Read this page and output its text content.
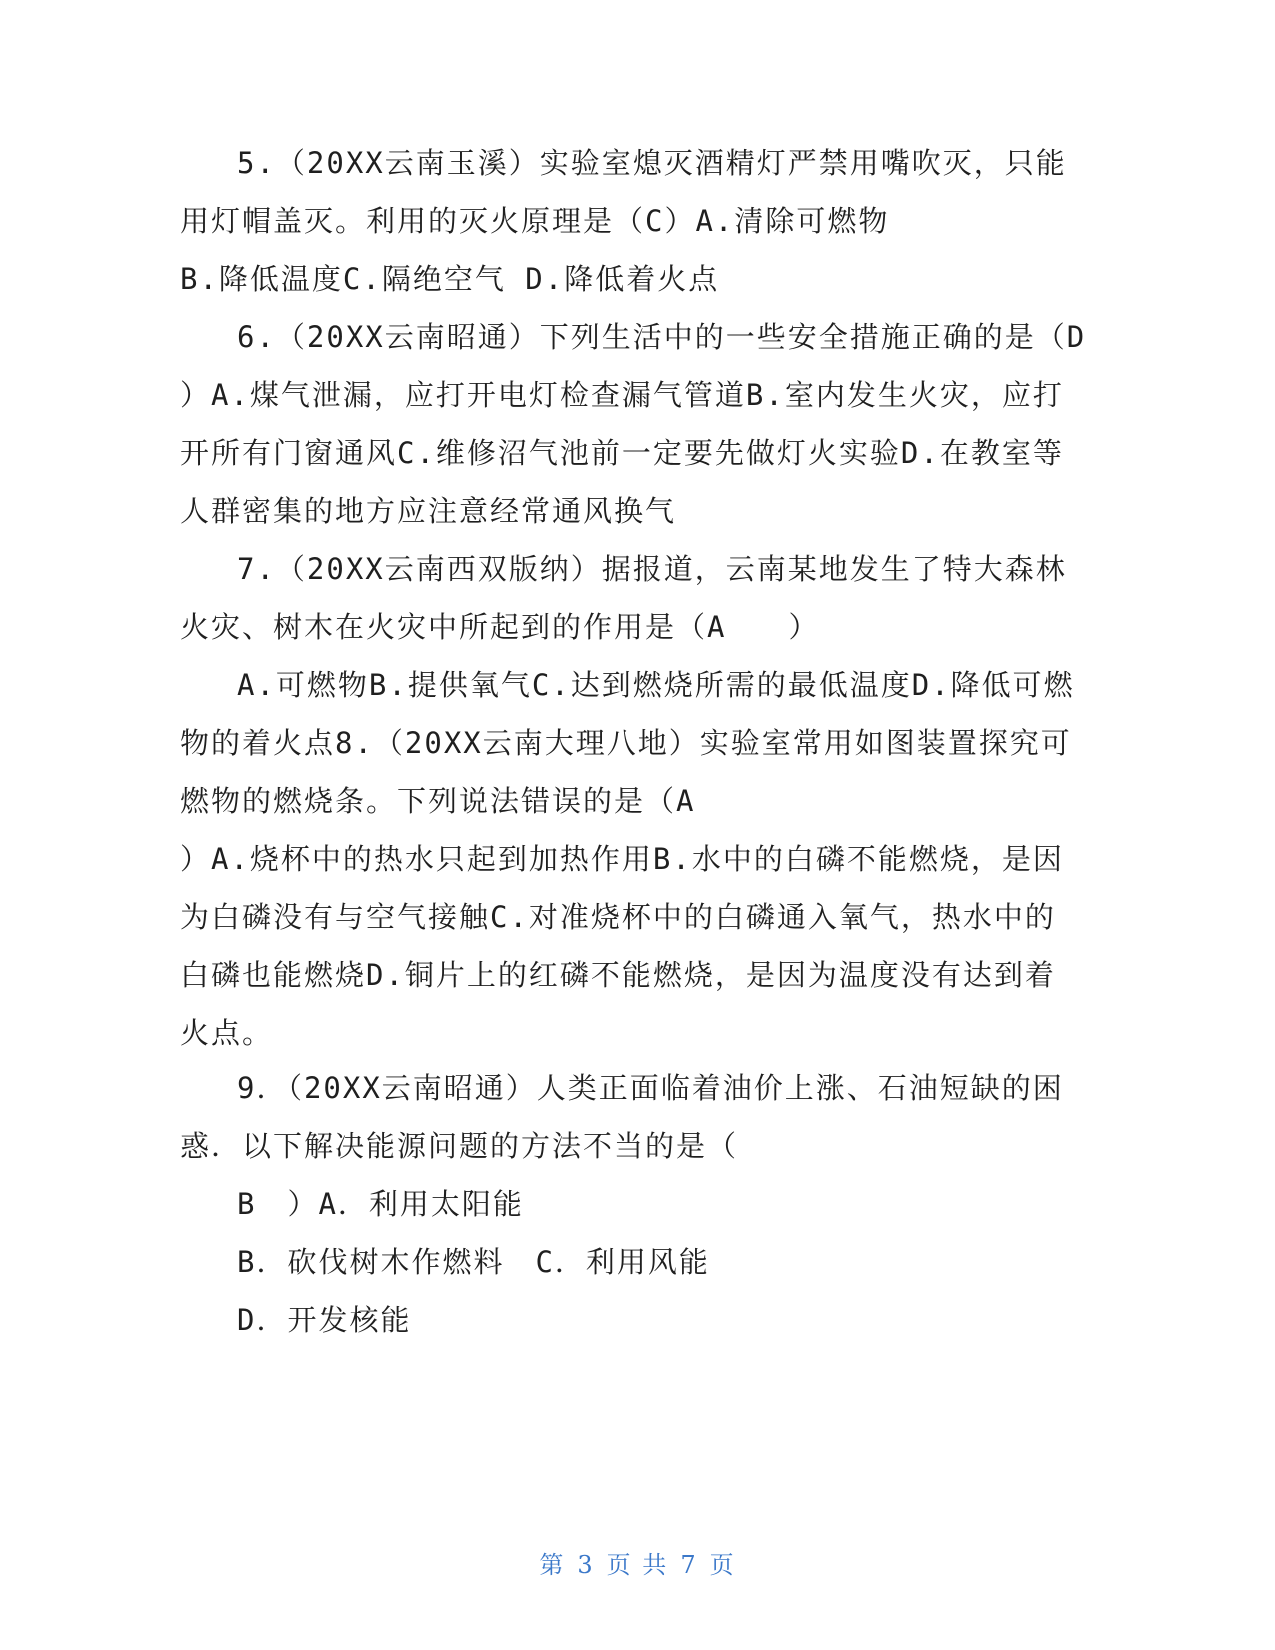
5.（20XX云南玉溪）实验室熄灭酒精灯严禁用嘴吹灭，只能
用灯帽盖灭。利用的灭火原理是（C）A.清除可燃物
B.降低温度C.隔绝空气 D.降低着火点
6.（20XX云南昭通）下列生活中的一些安全措施正确的是（D
）A.煤气泄漏，应打开电灯检查漏气管道B.室内发生火灾，应打
开所有门窗通风C.维修沼气池前一定要先做灯火实验D.在教室等
人群密集的地方应注意经常通风换气
7.（20XX云南西双版纳）据报道，云南某地发生了特大森林
火灾、树木在火灾中所起到的作用是（A　　）
A.可燃物B.提供氧气C.达到燃烧所需的最低温度D.降低可燃
物的着火点8.（20XX云南大理八地）实验室常用如图装置探究可
燃物的燃烧条。下列说法错误的是（A
）A.烧杯中的热水只起到加热作用B.水中的白磷不能燃烧，是因
为白磷没有与空气接触C.对准烧杯中的白磷通入氧气，热水中的
白磷也能燃烧D.铜片上的红磷不能燃烧，是因为温度没有达到着
火点。
9．（20XX云南昭通）人类正面临着油价上涨、石油短缺的困
惑．以下解决能源问题的方法不当的是（
B　）A．利用太阳能
B．砍伐树木作燃料　C．利用风能
D．开发核能
第 3 页 共 7 页
